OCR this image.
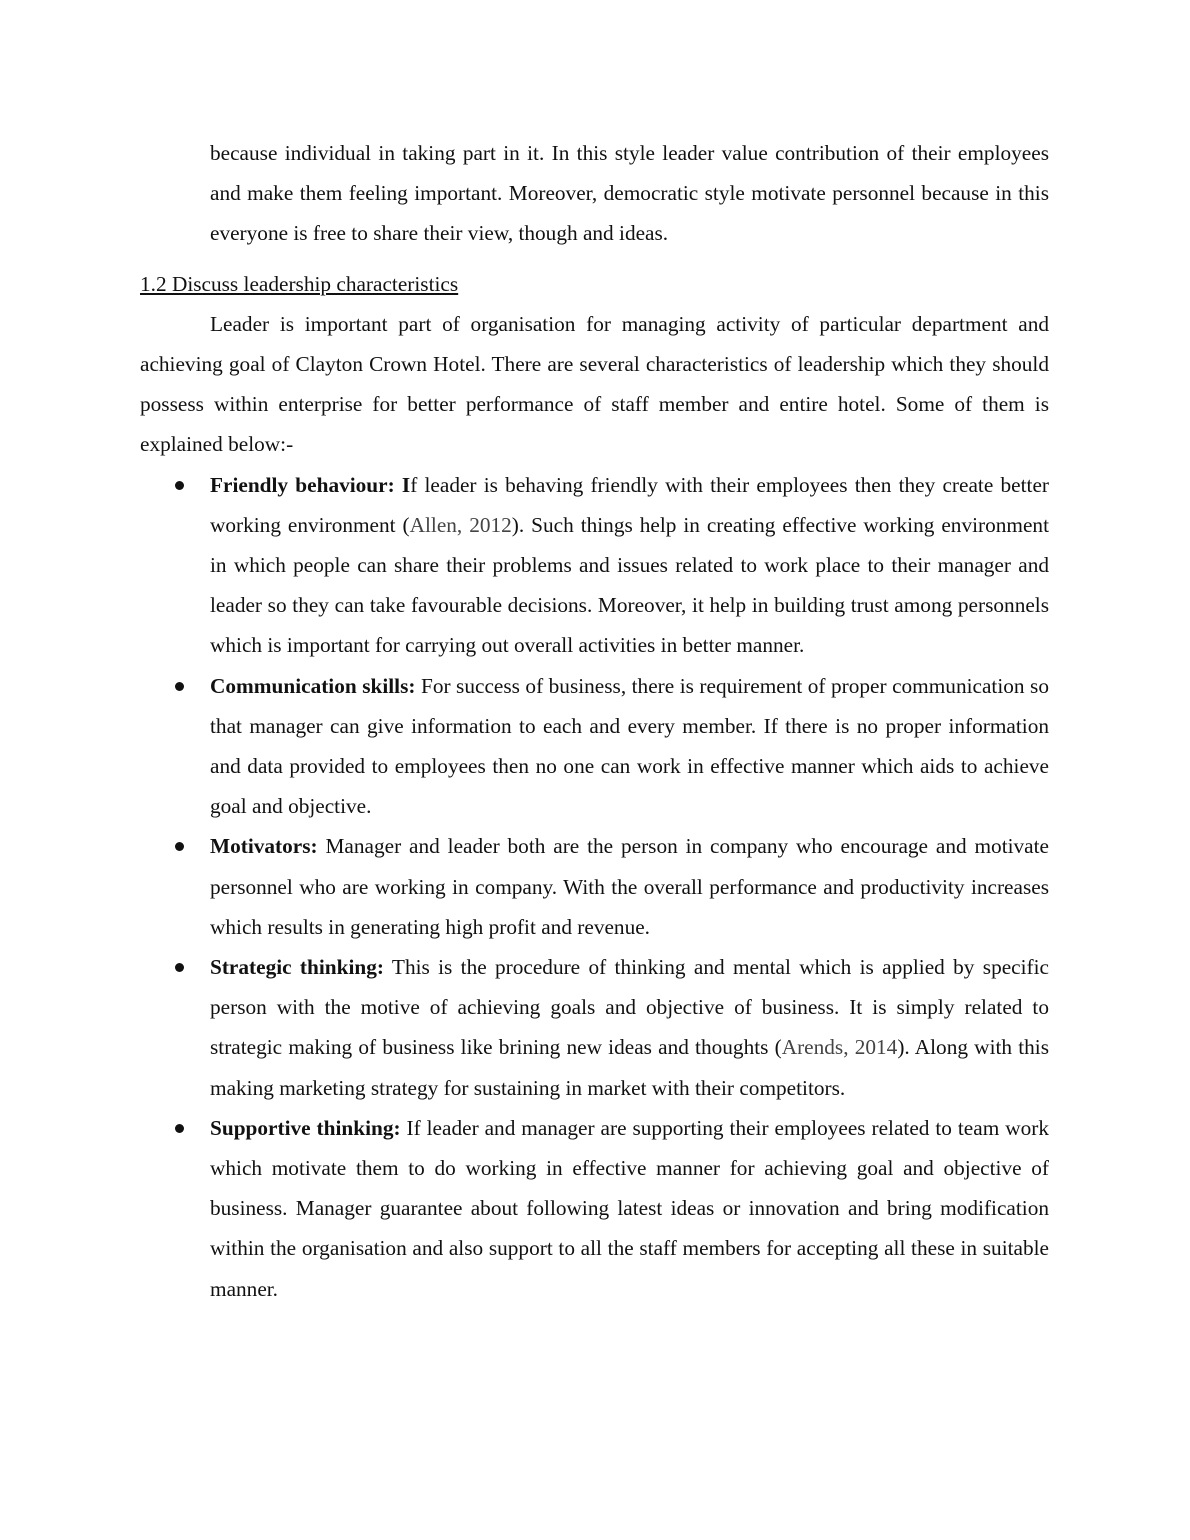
because individual in taking part in it. In this style leader value contribution of their employees and make them feeling important. Moreover, democratic style motivate personnel because in this everyone is free to share their view, though and ideas.

1.2 Discuss leadership characteristics

Leader is important part of organisation for managing activity of particular department and achieving goal of Clayton Crown Hotel. There are several characteristics of leadership which they should possess within enterprise for better performance of staff member and entire hotel. Some of them is explained below:-

Friendly behaviour: If leader is behaving friendly with their employees then they create better working environment (Allen, 2012). Such things help in creating effective working environment in which people can share their problems and issues related to work place to their manager and leader so they can take favourable decisions. Moreover, it help in building trust among personnels which is important for carrying out overall activities in better manner.
Communication skills: For success of business, there is requirement of proper communication so that manager can give information to each and every member. If there is no proper information and data provided to employees then no one can work in effective manner which aids to achieve goal and objective.
Motivators: Manager and leader both are the person in company who encourage and motivate personnel who are working in company. With the overall performance and productivity increases which results in generating high profit and revenue.
Strategic thinking: This is the procedure of thinking and mental which is applied by specific person with the motive of achieving goals and objective of business. It is simply related to strategic making of business like brining new ideas and thoughts (Arends, 2014). Along with this making marketing strategy for sustaining in market with their competitors.
Supportive thinking: If leader and manager are supporting their employees related to team work which motivate them to do working in effective manner for achieving goal and objective of business. Manager guarantee about following latest ideas or innovation and bring modification within the organisation and also support to all the staff members for accepting all these in suitable manner.
